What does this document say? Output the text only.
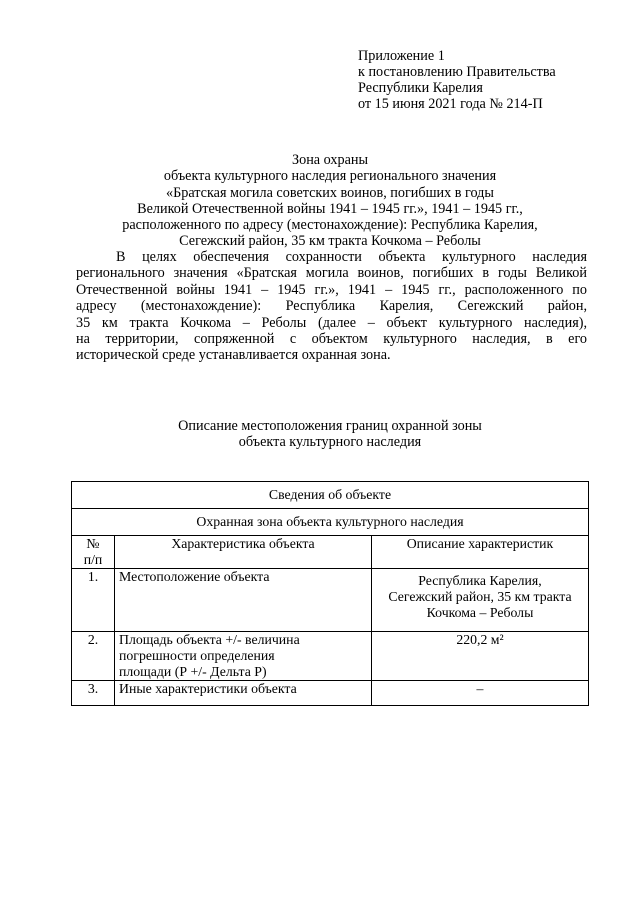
Приложение 1
к постановлению Правительства
Республики Карелия
от 15 июня 2021 года № 214-П
Зона охраны
объекта культурного наследия регионального значения
«Братская могила советских воинов, погибших в годы
Великой Отечественной войны 1941 – 1945 гг.», 1941 – 1945 гг.,
расположенного по адресу (местонахождение): Республика Карелия,
Сегежский район, 35 км тракта Кочкома – Реболы
В целях обеспечения сохранности объекта культурного наследия
регионального значения «Братская могила воинов, погибших в годы Великой
Отечественной войны 1941 – 1945 гг.», 1941 – 1945 гг., расположенного по
адресу (местонахождение): Республика Карелия, Сегежский район,
35 км тракта Кочкома – Реболы (далее – объект культурного наследия),
на территории, сопряженной с объектом культурного наследия, в его
исторической среде устанавливается охранная зона.
Описание местоположения границ охранной зоны
объекта культурного наследия
Сведения об объекте		
Охранная зона объекта культурного наследия		

№
п/п	Характеристика объекта	Описание характеристик
1.	Местоположение объекта	Республика Карелия,
Сегежский район, 35 км тракта
Кочкома – Реболы

2.	Площадь объекта +/- величина
погрешности определения
площади (Р +/- Дельта Р)	220,2 м²

3.	Иные характеристики объекта	–
